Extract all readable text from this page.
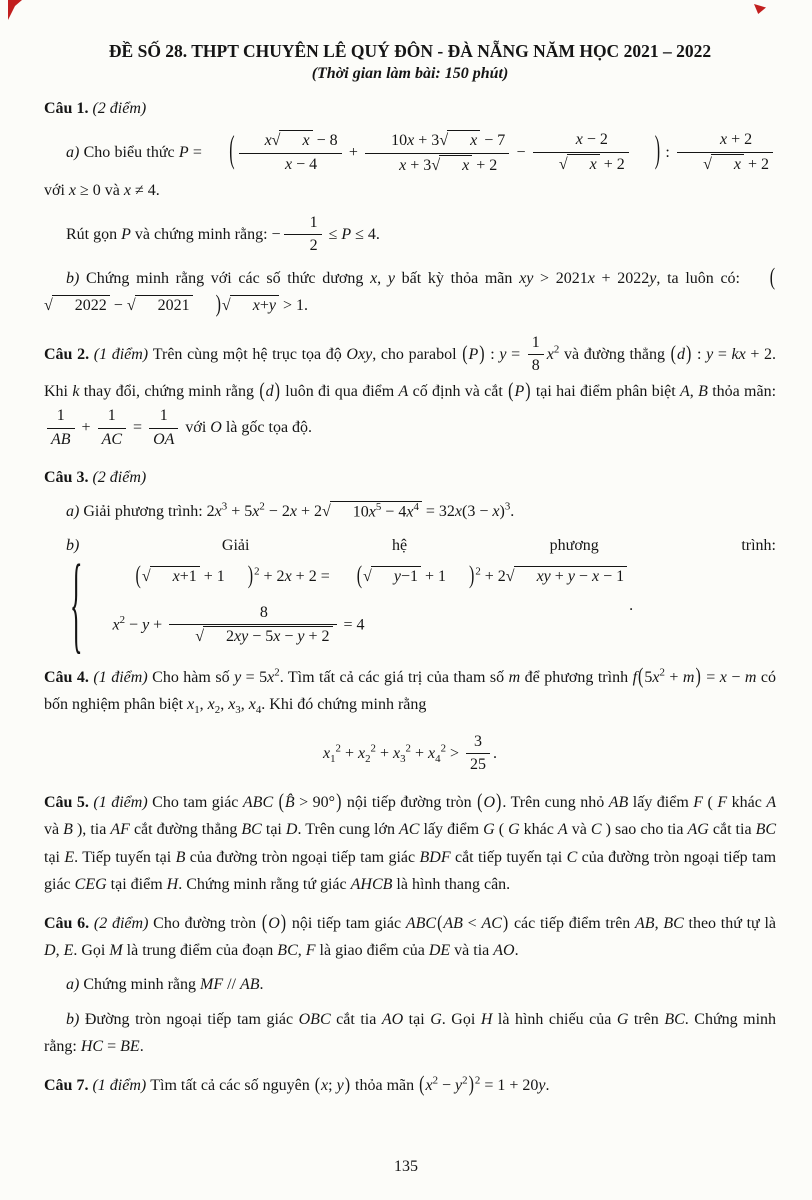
ĐỀ SỐ 28. THPT CHUYÊN LÊ QUÝ ĐÔN - ĐÀ NẴNG NĂM HỌC 2021 – 2022
(Thời gian làm bài: 150 phút)
Câu 1. (2 điểm)
a) Cho biểu thức P = ( $\frac{x√ x - 8}{x - 4} + \frac{10x + 3√ x - 7}{x + 3√ x + 2} - \frac{x - 2}{√ x + 2}$ ) : $\frac{x + 2}{√ x + 2}$
với x ≥ 0 và x ≠ 4.
Rút gọn P và chứng minh rằng: − $\frac{1}{2} \le P \le 4$.
b) Chứng minh rằng với các số thức dương x, y bất kỳ thỏa mãn xy > 2021x + 2022y, ta luôn có: (√ 2022 − √ 2021 )√ x+y > 1.
Câu 2. (1 điểm) Trên cùng một hệ trục tọa độ Oxy, cho parabol (P) : $y = \frac{1}{8} x^2$ và đường thẳng (d) : y = kx + 2. Khi k thay đổi, chứng minh rằng (d) luôn đi qua điểm A cố định và cắt (P) tại hai điểm phân biệt A, B thỏa mãn:
$\frac{1}{AB} + \frac{1}{AC} = \frac{1}{OA}$ với O là gốc tọa độ.
Câu 3. (2 điểm)
a) Giải phương trình: $2x^3 + 5x^2 - 2x + 2√$ $10x^5 - 4x^4 = 32x(3 - x)^3$.
b) Giải hệ phương trình:
{	(√ x+1 + 1 )$^2$ + 2x + 2 = (√ y−1 + 1 )$^2$ + 2√ xy + y − x − 1
$x^2 - y + \frac{8}{√ 2xy - 5x - y + 2} = 4$
.
Câu 4. (1 điểm) Cho hàm số $y = 5x^2$. Tìm tất cả các giá trị của tham số m để phương trình $f(5x^2 + m) = x - m$ có bốn nghiệm phân biệt $x_1$, $x_2$, $x_3$, $x_4$. Khi đó chứng minh rằng
$x_1^2 + x_2^2 + x_3^2 + x_4^2 > \frac{3}{25}$ .
Câu 5. (1 điểm) Cho tam giác ABC (B̂ > 90°) nội tiếp đường tròn (O). Trên cung nhỏ AB lấy điểm F ( F khác A và B ), tia AF cắt đường thẳng BC tại D. Trên cung lớn AC lấy điểm G ( G khác A và C ) sao cho tia AG cắt tia BC tại E. Tiếp tuyến tại B của đường tròn ngoại tiếp tam giác BDF cắt tiếp tuyến tại C của đường tròn ngoại tiếp tam giác CEG tại điểm H. Chứng minh rằng tứ giác AHCB là hình thang cân.
Câu 6. (2 điểm) Cho đường tròn (O) nội tiếp tam giác ABC(AB < AC) các tiếp điểm trên AB, BC theo thứ tự là D, E. Gọi M là trung điểm của đoạn BC, F là giao điểm của DE và tia AO.
a) Chứng minh rằng MF // AB.
b) Đường tròn ngoại tiếp tam giác OBC cắt tia AO tại G. Gọi H là hình chiếu của G trên BC. Chứng minh rằng: HC = BE.
Câu 7. (1 điểm) Tìm tất cả các số nguyên (x; y) thỏa mãn $(x^2 - y^2)^2 = 1 + 20y$.
135
